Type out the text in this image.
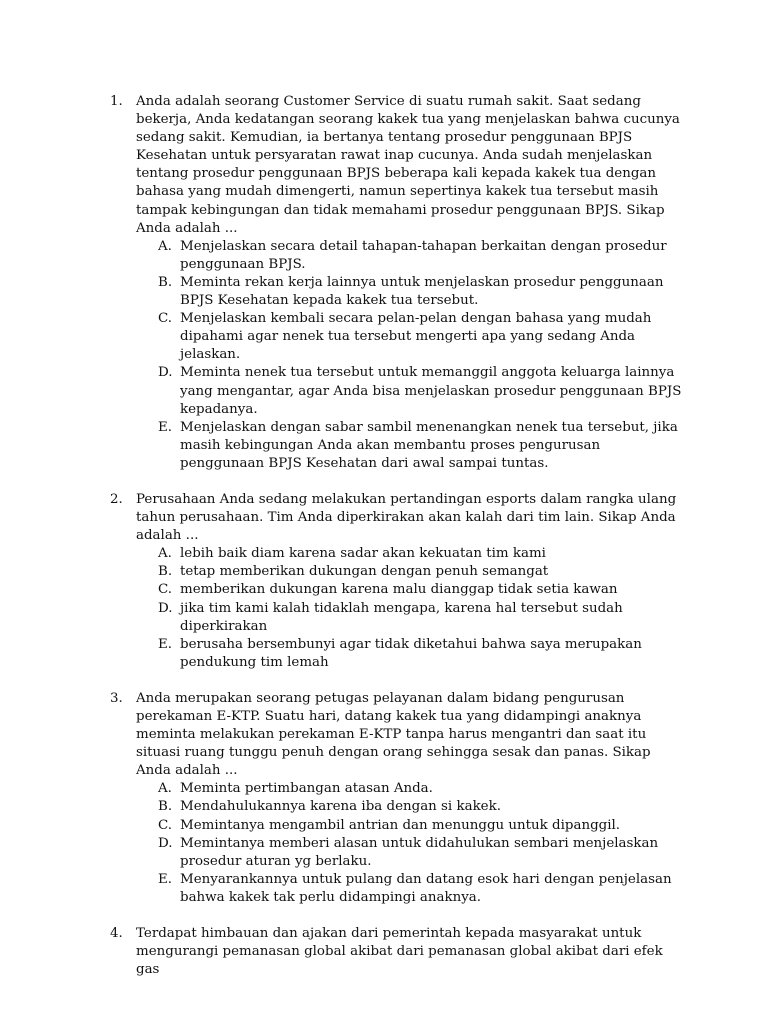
1. Anda adalah seorang Customer Service di suatu rumah sakit. Saat sedang bekerja, Anda kedatangan seorang kakek tua yang menjelaskan bahwa cucunya sedang sakit. Kemudian, ia bertanya tentang prosedur penggunaan BPJS Kesehatan untuk persyaratan rawat inap cucunya. Anda sudah menjelaskan tentang prosedur penggunaan BPJS beberapa kali kepada kakek tua dengan bahasa yang mudah dimengerti, namun sepertinya kakek tua tersebut masih tampak kebingungan dan tidak memahami prosedur penggunaan BPJS. Sikap Anda adalah ...
A. Menjelaskan secara detail tahapan-tahapan berkaitan dengan prosedur penggunaan BPJS.
B. Meminta rekan kerja lainnya untuk menjelaskan prosedur penggunaan BPJS Kesehatan kepada kakek tua tersebut.
C. Menjelaskan kembali secara pelan-pelan dengan bahasa yang mudah dipahami agar nenek tua tersebut mengerti apa yang sedang Anda jelaskan.
D. Meminta nenek tua tersebut untuk memanggil anggota keluarga lainnya yang mengantar, agar Anda bisa menjelaskan prosedur penggunaan BPJS kepadanya.
E. Menjelaskan dengan sabar sambil menenangkan nenek tua tersebut, jika masih kebingungan Anda akan membantu proses pengurusan penggunaan BPJS Kesehatan dari awal sampai tuntas.
2. Perusahaan Anda sedang melakukan pertandingan esports dalam rangka ulang tahun perusahaan. Tim Anda diperkirakan akan kalah dari tim lain. Sikap Anda adalah ...
A. lebih baik diam karena sadar akan kekuatan tim kami
B. tetap memberikan dukungan dengan penuh semangat
C. memberikan dukungan karena malu dianggap tidak setia kawan
D. jika tim kami kalah tidaklah mengapa, karena hal tersebut sudah diperkirakan
E. berusaha bersembunyi agar tidak diketahui bahwa saya merupakan pendukung tim lemah
3. Anda merupakan seorang petugas pelayanan dalam bidang pengurusan perekaman E-KTP. Suatu hari, datang kakek tua yang didampingi anaknya meminta melakukan perekaman E-KTP tanpa harus mengantri dan saat itu situasi ruang tunggu penuh dengan orang sehingga sesak dan panas. Sikap Anda adalah ...
A. Meminta pertimbangan atasan Anda.
B. Mendahulukannya karena iba dengan si kakek.
C. Memintanya mengambil antrian dan menunggu untuk dipanggil.
D. Memintanya memberi alasan untuk didahulukan sembari menjelaskan prosedur aturan yg berlaku.
E. Menyarankannya untuk pulang dan datang esok hari dengan penjelasan bahwa kakek tak perlu didampingi anaknya.
4. Terdapat himbauan dan ajakan dari pemerintah kepada masyarakat untuk mengurangi pemanasan global akibat dari pemanasan global akibat dari efek gas
